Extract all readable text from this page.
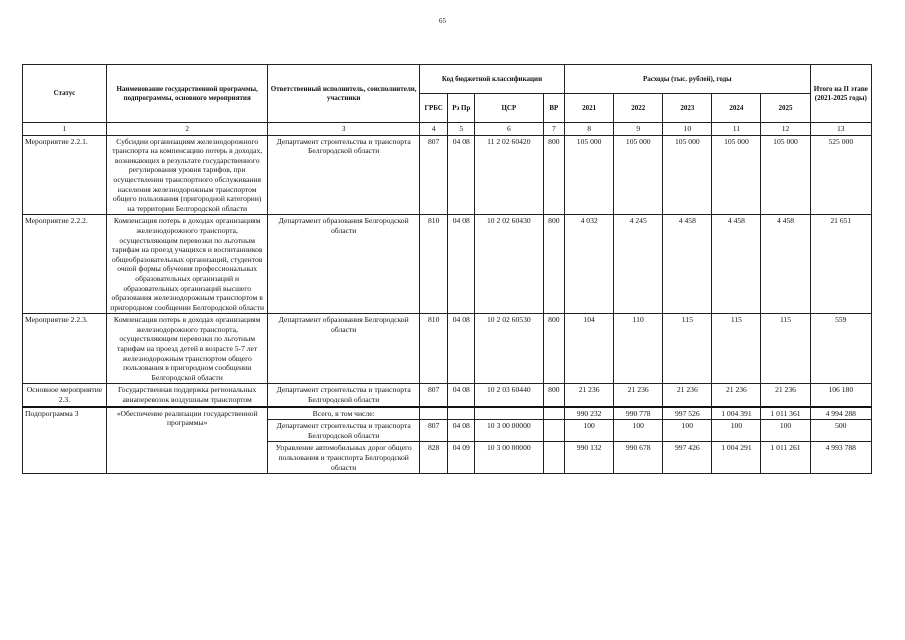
65
Статус	Наименование государственной программы, подпрограммы, основного мероприятия	Ответственный исполнитель, соисполнители, участники	Код бюджетной классификации				Расходы (тыс. рублей), годы					Итого на II этапе (2021-2025 годы)
			ГРБС	Рз Пр	ЦСР	ВР	2021	2022	2023	2024	2025	
1	2	3	4	5	6	7	8	9	10	11	12	13
Мероприятие 2.2.1.	Субсидии организациям железнодорожного транспорта на компенсацию потерь в доходах, возникающих в результате государственного регулирования уровня тарифов, при осуществлении транспортного обслуживания населения железнодорожным транспортом общего пользования (пригородной категории) на территории Белгородской области	Департамент строительства и транспорта Белгородской области	807	04 08	11 2 02 60420	800	105 000	105 000	105 000	105 000	105 000	525 000
Мероприятие 2.2.2.	Компенсация потерь в доходах организациям железнодорожного транспорта, осуществляющим перевозки по льготным тарифам на проезд учащихся и воспитанников общеобразовательных организаций, студентов очной формы обучения профессиональных образовательных организаций и образовательных организаций высшего образования железнодорожным транспортом в пригородном сообщении Белгородской области	Департамент образования Белгородской области	810	04 08	10 2 02 60430	800	4 032	4 245	4 458	4 458	4 458	21 651
Мероприятие 2.2.3.	Компенсация потерь в доходах организациям железнодорожного транспорта, осуществляющим перевозки по льготным тарифам на проезд детей в возрасте 5-7 лет железнодорожным транспортом общего пользования в пригородном сообщении Белгородской области	Департамент образования Белгородской области	810	04 08	10 2 02 60530	800	104	110	115	115	115	559
Основное мероприятие 2.3.	Государственная поддержка региональных авиаперевозок воздушным транспортом	Департамент строительства и транспорта Белгородской области	807	04 08	10 2 03 60440	800	21 236	21 236	21 236	21 236	21 236	106 180
Подпрограмма 3	«Обеспечение реализации государственной программы»	Всего, в том числе:					990 232	990 778	997 526	1 004 391	1 011 361	4 994 288
		Департамент строительства и транспорта Белгородской области	807	04 08	10 3 00 00000		100	100	100	100	100	500
		Управление автомобильных дорог общего пользования и транспорта Белгородской области	828	04 09	10 3 00 00000		990 132	990 678	997 426	1 004 291	1 011 261	4 993 788
